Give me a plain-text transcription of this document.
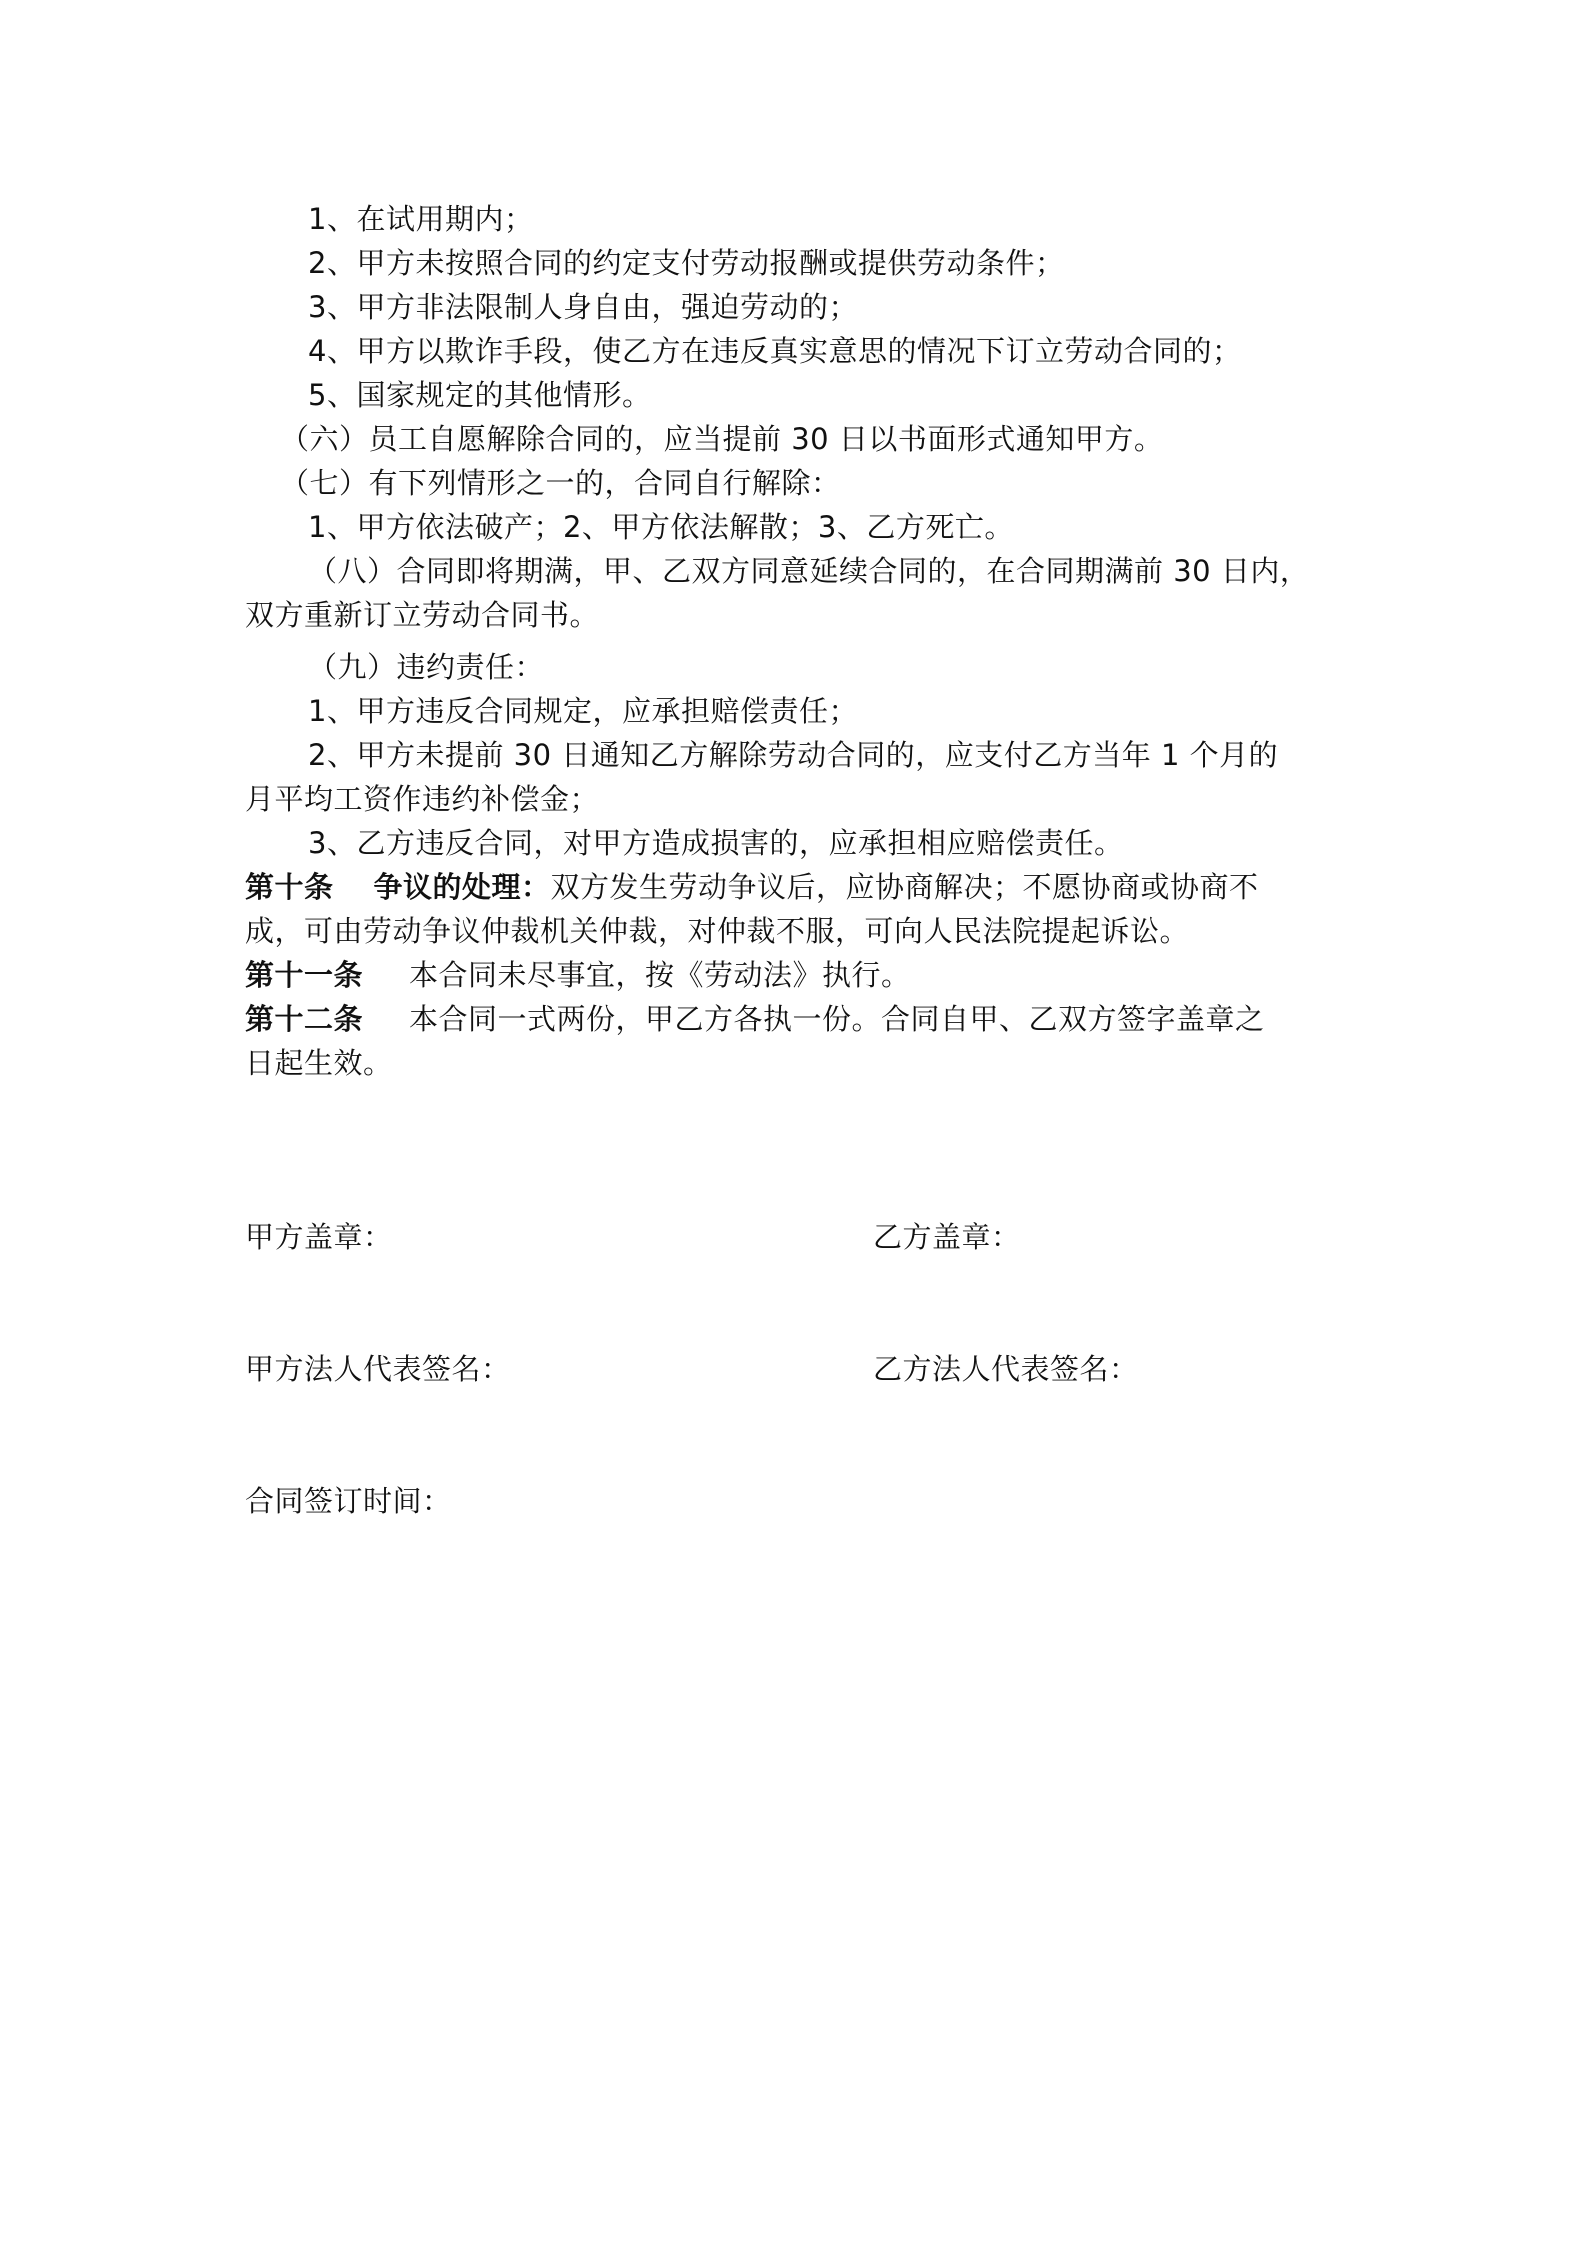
1、在试用期内；
2、甲方未按照合同的约定支付劳动报酬或提供劳动条件；
3、甲方非法限制人身自由，强迫劳动的；
4、甲方以欺诈手段，使乙方在违反真实意思的情况下订立劳动合同的；
5、国家规定的其他情形。
（六）员工自愿解除合同的，应当提前 30 日以书面形式通知甲方。
（七）有下列情形之一的，合同自行解除：
1、甲方依法破产；2、甲方依法解散；3、乙方死亡。
（八）合同即将期满，甲、乙双方同意延续合同的，在合同期满前 30 日内，
双方重新订立劳动合同书。
（九）违约责任：
1、甲方违反合同规定，应承担赔偿责任；
2、甲方未提前 30 日通知乙方解除劳动合同的，应支付乙方当年 1 个月的
月平均工资作违约补偿金；
3、乙方违反合同，对甲方造成损害的，应承担相应赔偿责任。
第十条 争议的处理：双方发生劳动争议后，应协商解决；不愿协商或协商不
成，可由劳动争议仲裁机关仲裁，对仲裁不服，可向人民法院提起诉讼。
第十一条 本合同未尽事宜，按《劳动法》执行。
第十二条 本合同一式两份，甲乙方各执一份。合同自甲、乙双方签字盖章之
日起生效。
甲方盖章：	乙方盖章：
甲方法人代表签名：	乙方法人代表签名：
合同签订时间：
